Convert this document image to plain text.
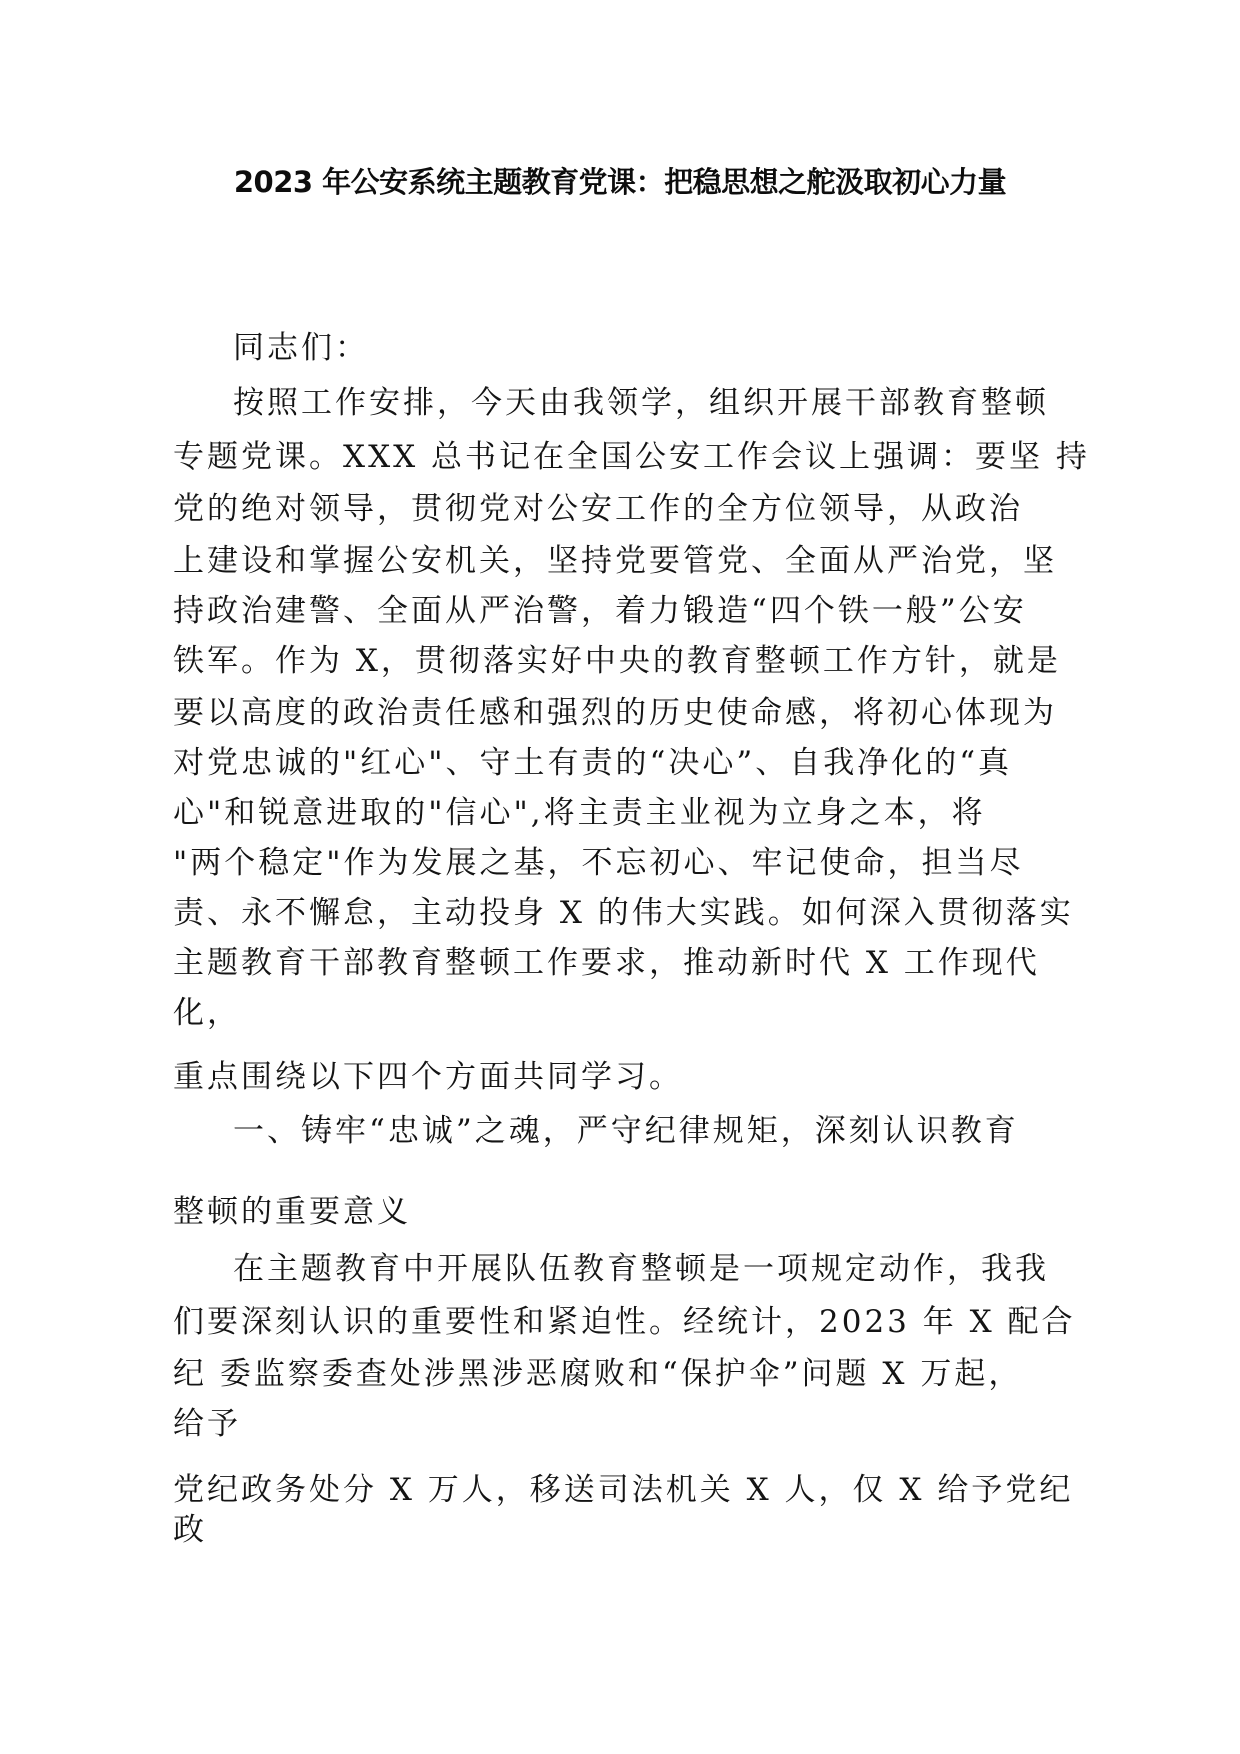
2023 年公安系统主题教育党课：把稳思想之舵汲取初心力量
同志们：
按照工作安排，今天由我领学，组织开展干部教育整顿
专题党课。XXX 总书记在全国公安工作会议上强调：要坚 持
党的绝对领导，贯彻党对公安工作的全方位领导，从政治
上建设和掌握公安机关，坚持党要管党、全面从严治党，坚
持政治建警、全面从严治警，着力锻造“四个铁一般”公安
铁军。作为 X，贯彻落实好中央的教育整顿工作方针，就是
要以高度的政治责任感和强烈的历史使命感，将初心体现为
对党忠诚的"红心"、守土有责的“决心”、自我净化的“真
心"和锐意进取的"信心",将主责主业视为立身之本，将
"两个稳定"作为发展之基，不忘初心、牢记使命，担当尽
责、永不懈怠，主动投身 X 的伟大实践。如何深入贯彻落实
主题教育干部教育整顿工作要求，推动新时代 X 工作现代
化，
重点围绕以下四个方面共同学习。
一、铸牢“忠诚”之魂，严守纪律规矩，深刻认识教育
整顿的重要意义
在主题教育中开展队伍教育整顿是一项规定动作，我我
们要深刻认识的重要性和紧迫性。经统计，2023 年 X 配合
纪 委监察委查处涉黑涉恶腐败和“保护伞”问题 X 万起，
给予
党纪政务处分 X 万人，移送司法机关 X 人，仅 X 给予党纪
政
